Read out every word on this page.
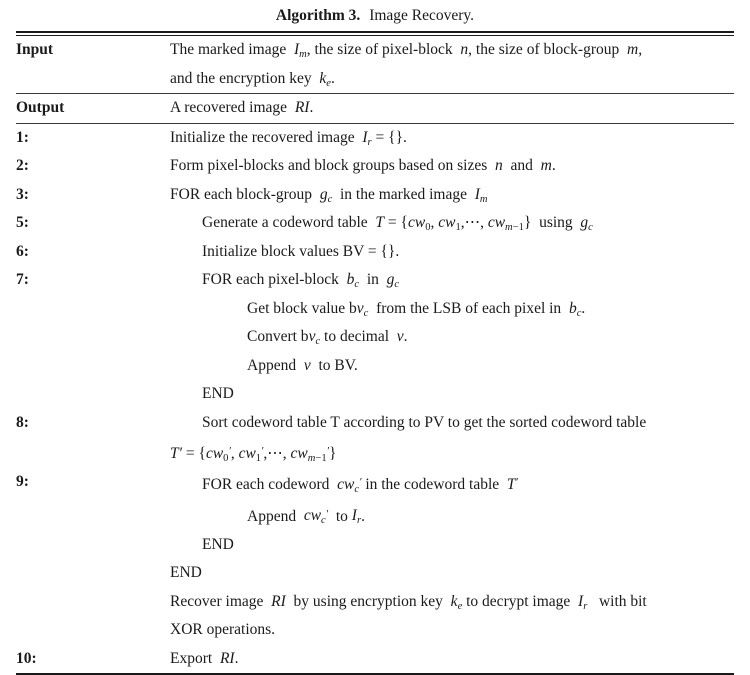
Algorithm 3. Image Recovery.
Input	The marked image  $I_m$, the size of pixel-block  n, the size of block-group  m,
and the encryption key  $k_e$.
Output	A recovered image  RI.
1:	Initialize the recovered image  $I_r$ = {}.

2:	Form pixel-blocks and block groups based on sizes  n  and  m.

3:	FOR each block-group  $g_c$  in the marked image  $I_m$

5:	Generate a codeword table  $T = \{cw_0$, $cw_1,\cdots$, $cw_{m-1}$}  using  $g_c$

6:	Initialize block values BV = {}.

7:	FOR each pixel-block  $b_c$  in  $g_c$
Get block value $bv_c$  from the LSB of each pixel in  $b_c$.
Convert $bv_c$ to decimal  v.
Append  v  to BV.
END

8:	Sort codeword table T according to PV to get the sorted codeword table
$T' = \{cw_0'$, $cw_1',\cdots$, $cw_{m-1}'$}

9:	FOR each codeword  $cw_c'$ in the codeword table  T′
Append  $cw_c'$  to $I_r$.
END
END
Recover image  RI  by using encryption key  $k_e$ to decrypt image  $I_r$   with bit
XOR operations.

10:	Export  RI.
